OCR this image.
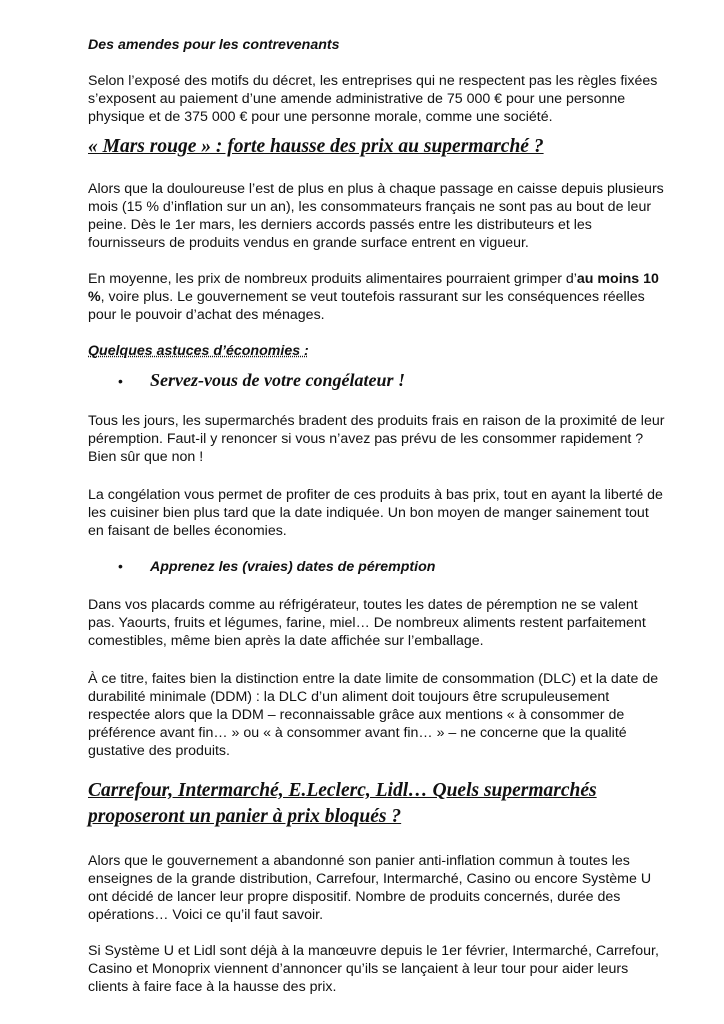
Des amendes pour les contrevenants

Selon l’exposé des motifs du décret, les entreprises qui ne respectent pas les règles fixées s’exposent au paiement d’une amende administrative de 75 000 € pour une personne physique et de 375 000 € pour une personne morale, comme une société.

« Mars rouge » : forte hausse des prix au supermarché ?

Alors que la douloureuse l’est de plus en plus à chaque passage en caisse depuis plusieurs mois (15 % d’inflation sur un an), les consommateurs français ne sont pas au bout de leur peine. Dès le 1er mars, les derniers accords passés entre les distributeurs et les fournisseurs de produits vendus en grande surface entrent en vigueur.

En moyenne, les prix de nombreux produits alimentaires pourraient grimper d’au moins 10 %, voire plus. Le gouvernement se veut toutefois rassurant sur les conséquences réelles pour le pouvoir d’achat des ménages.

Quelques astuces d’économies :

•	Servez-vous de votre congélateur !

Tous les jours, les supermarchés bradent des produits frais en raison de la proximité de leur péremption. Faut-il y renoncer si vous n’avez pas prévu de les consommer rapidement ? Bien sûr que non !

La congélation vous permet de profiter de ces produits à bas prix, tout en ayant la liberté de les cuisiner bien plus tard que la date indiquée. Un bon moyen de manger sainement tout en faisant de belles économies.

•	Apprenez les (vraies) dates de péremption

Dans vos placards comme au réfrigérateur, toutes les dates de péremption ne se valent pas. Yaourts, fruits et légumes, farine, miel… De nombreux aliments restent parfaitement comestibles, même bien après la date affichée sur l’emballage.

À ce titre, faites bien la distinction entre la date limite de consommation (DLC) et la date de durabilité minimale (DDM) : la DLC d’un aliment doit toujours être scrupuleusement respectée alors que la DDM – reconnaissable grâce aux mentions « à consommer de préférence avant fin… » ou « à consommer avant fin… » – ne concerne que la qualité gustative des produits.

Carrefour, Intermarché, E.Leclerc, Lidl… Quels supermarchés proposeront un panier à prix bloqués ?

Alors que le gouvernement a abandonné son panier anti-inflation commun à toutes les enseignes de la grande distribution, Carrefour, Intermarché, Casino ou encore Système U ont décidé de lancer leur propre dispositif. Nombre de produits concernés, durée des opérations… Voici ce qu’il faut savoir.

Si Système U et Lidl sont déjà à la manœuvre depuis le 1er février, Intermarché, Carrefour, Casino et Monoprix viennent d’annoncer qu’ils se lançaient à leur tour pour aider leurs clients à faire face à la hausse des prix.
